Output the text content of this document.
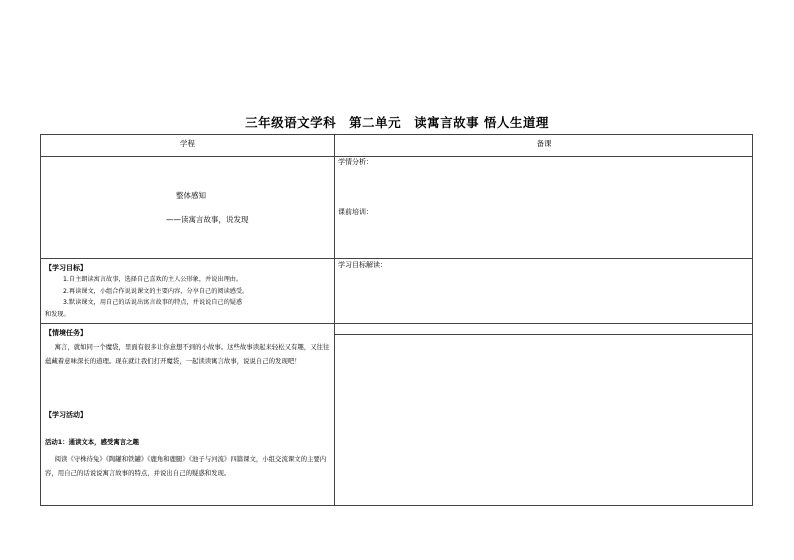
三年级语文学科　第二单元　读寓言故事 悟人生道理
学程	备课
整体感知
——读寓言故事，说发现
【学习目标】
1.自主朗读寓言故事，选择自己喜欢的主人公形象，并说出理由。
2.再读课文，小组合作说说课文的主要内容，分享自己的阅读感受。
3.默读课文，用自己的话说出寓言故事的特点，并说说自己的疑惑
和发现。
【情境任务】
寓言，就如同一个魔袋，里面有很多让你意想不到的小故事。这些故事读起来轻松又有趣，又往往蕴藏着意味深长的道理。现在就让我们打开魔袋，一起读读寓言故事，说说自己的发现吧！
【学习活动】
活动1：通读文本，感受寓言之趣
阅读《守株待兔》《陶罐和铁罐》《鹿角和鹿腿》《池子与河流》四篇课文，小组交流课文的主要内容，用自己的话说说寓言故事的特点，并说出自己的疑惑和发现。
学情分析：
课前培训：
学习目标解读：
